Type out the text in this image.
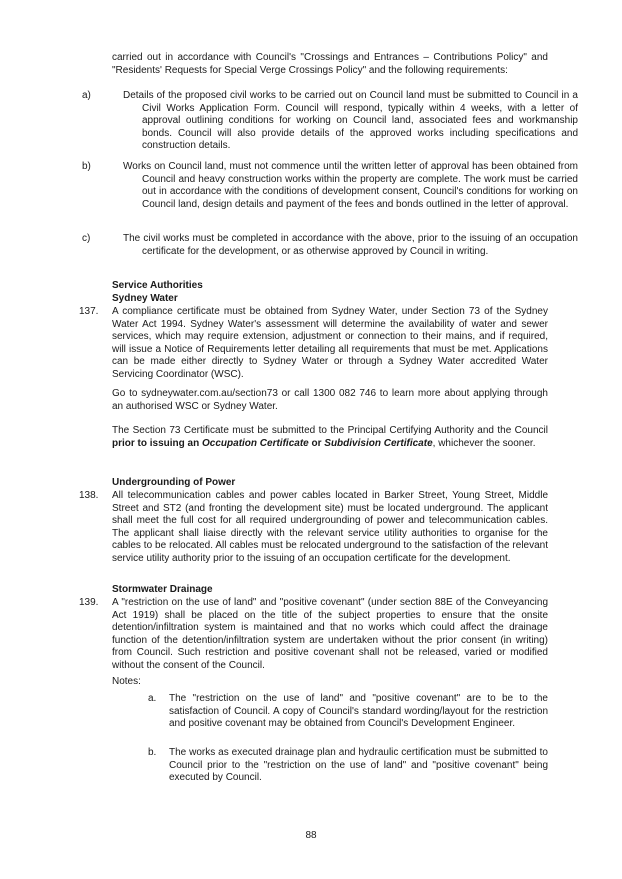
carried out in accordance with Council's "Crossings and Entrances – Contributions Policy" and "Residents' Requests for Special Verge Crossings Policy" and the following requirements:

a)	Details of the proposed civil works to be carried out on Council land must be submitted to Council in a Civil Works Application Form. Council will respond, typically within 4 weeks, with a letter of approval outlining conditions for working on Council land, associated fees and workmanship bonds. Council will also provide details of the approved works including specifications and construction details.
b)	Works on Council land, must not commence until the written letter of approval has been obtained from Council and heavy construction works within the property are complete. The work must be carried out in accordance with the conditions of development consent, Council's conditions for working on Council land, design details and payment of the fees and bonds outlined in the letter of approval.
c)	The civil works must be completed in accordance with the above, prior to the issuing of an occupation certificate for the development, or as otherwise approved by Council in writing.

Service Authorities

Sydney Water

137. A compliance certificate must be obtained from Sydney Water, under Section 73 of the Sydney Water Act 1994. Sydney Water's assessment will determine the availability of water and sewer services, which may require extension, adjustment or connection to their mains, and if required, will issue a Notice of Requirements letter detailing all requirements that must be met. Applications can be made either directly to Sydney Water or through a Sydney Water accredited Water Servicing Coordinator (WSC).

Go to sydneywater.com.au/section73 or call 1300 082 746 to learn more about applying through an authorised WSC or Sydney Water.

The Section 73 Certificate must be submitted to the Principal Certifying Authority and the Council prior to issuing an Occupation Certificate or Subdivision Certificate, whichever the sooner.

Undergrounding of Power

138. All telecommunication cables and power cables located in Barker Street, Young Street, Middle Street and ST2 (and fronting the development site) must be located underground. The applicant shall meet the full cost for all required undergrounding of power and telecommunication cables. The applicant shall liaise directly with the relevant service utility authorities to organise for the cables to be relocated. All cables must be relocated underground to the satisfaction of the relevant service utility authority prior to the issuing of an occupation certificate for the development.

Stormwater Drainage

139. A "restriction on the use of land" and "positive covenant" (under section 88E of the Conveyancing Act 1919) shall be placed on the title of the subject properties to ensure that the onsite detention/infiltration system is maintained and that no works which could affect the drainage function of the detention/infiltration system are undertaken without the prior consent (in writing) from Council. Such restriction and positive covenant shall not be released, varied or modified without the consent of the Council.

Notes:

a. The "restriction on the use of land" and "positive covenant" are to be to the satisfaction of Council. A copy of Council's standard wording/layout for the restriction and positive covenant may be obtained from Council's Development Engineer.

b. The works as executed drainage plan and hydraulic certification must be submitted to Council prior to the "restriction on the use of land" and "positive covenant" being executed by Council.

88
